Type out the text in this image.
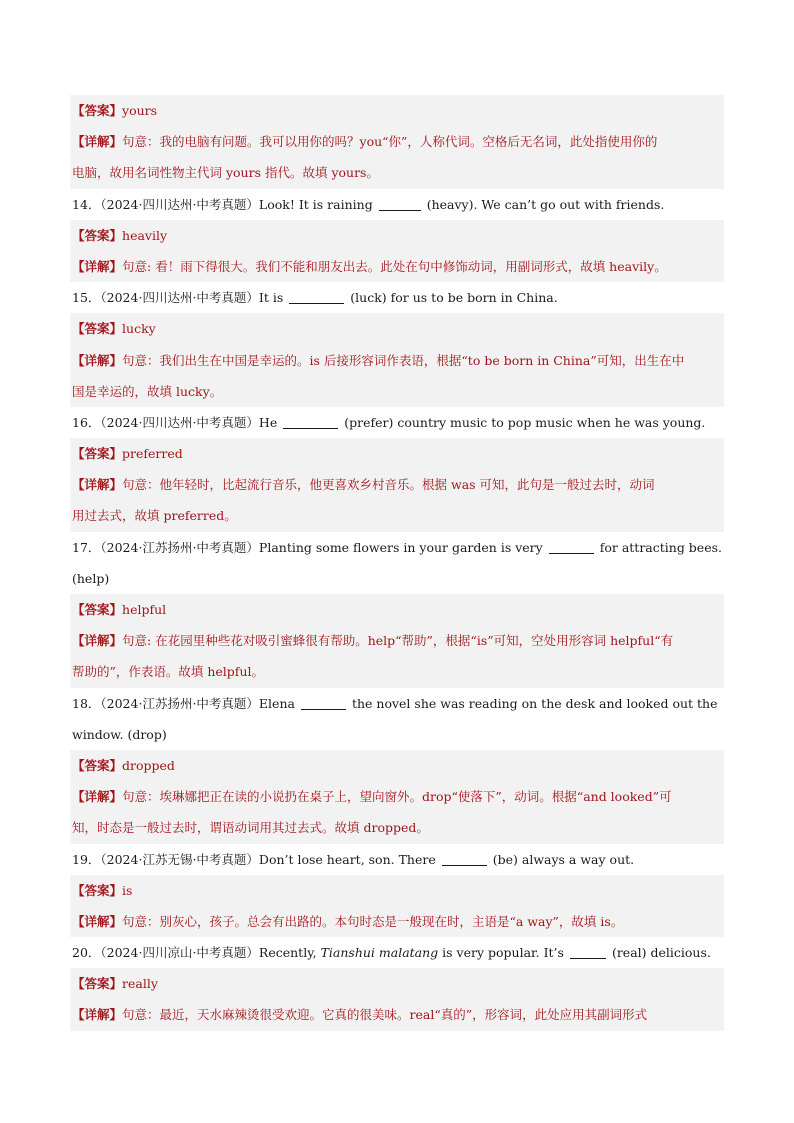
【答案】yours
【详解】句意：我的电脑有问题。我可以用你的吗？you“你”，人称代词。空格后无名词，此处指使用你的
电脑，故用名词性物主代词 yours 指代。故填 yours。
14．（2024·四川达州·中考真题）Look! It is raining	(heavy). We can’t go out with friends.
【答案】heavily
【详解】句意: 看！雨下得很大。我们不能和朋友出去。此处在句中修饰动词，用副词形式，故填 heavily。
15．（2024·四川达州·中考真题）It is	(luck) for us to be born in China.
【答案】lucky
【详解】句意：我们出生在中国是幸运的。is 后接形容词作表语，根据“to be born in China”可知，出生在中
国是幸运的，故填 lucky。
16．（2024·四川达州·中考真题）He	(prefer) country music to pop music when he was young.
【答案】preferred
【详解】句意：他年轻时，比起流行音乐，他更喜欢乡村音乐。根据 was 可知，此句是一般过去时，动词
用过去式，故填 preferred。
17．（2024·江苏扬州·中考真题）Planting some flowers in your garden is very	for attracting bees.
(help)
【答案】helpful
【详解】句意: 在花园里种些花对吸引蜜蜂很有帮助。help“帮助”，根据“is”可知，空处用形容词 helpful“有
帮助的”，作表语。故填 helpful。
18．（2024·江苏扬州·中考真题）Elena	the novel she was reading on the desk and looked out the
window. (drop)
【答案】dropped
【详解】句意：埃琳娜把正在读的小说扔在桌子上，望向窗外。drop“使落下”，动词。根据“and looked”可
知，时态是一般过去时，谓语动词用其过去式。故填 dropped。
19．（2024·江苏无锡·中考真题）Don’t lose heart, son. There	(be) always a way out.
【答案】is
【详解】句意：别灰心，孩子。总会有出路的。本句时态是一般现在时，主语是“a way”，故填 is。
20．（2024·四川凉山·中考真题）Recently, Tianshui malatang is very popular. It’s	(real) delicious.
【答案】really
【详解】句意：最近，天水麻辣烫很受欢迎。它真的很美味。real“真的”，形容词，此处应用其副词形式
